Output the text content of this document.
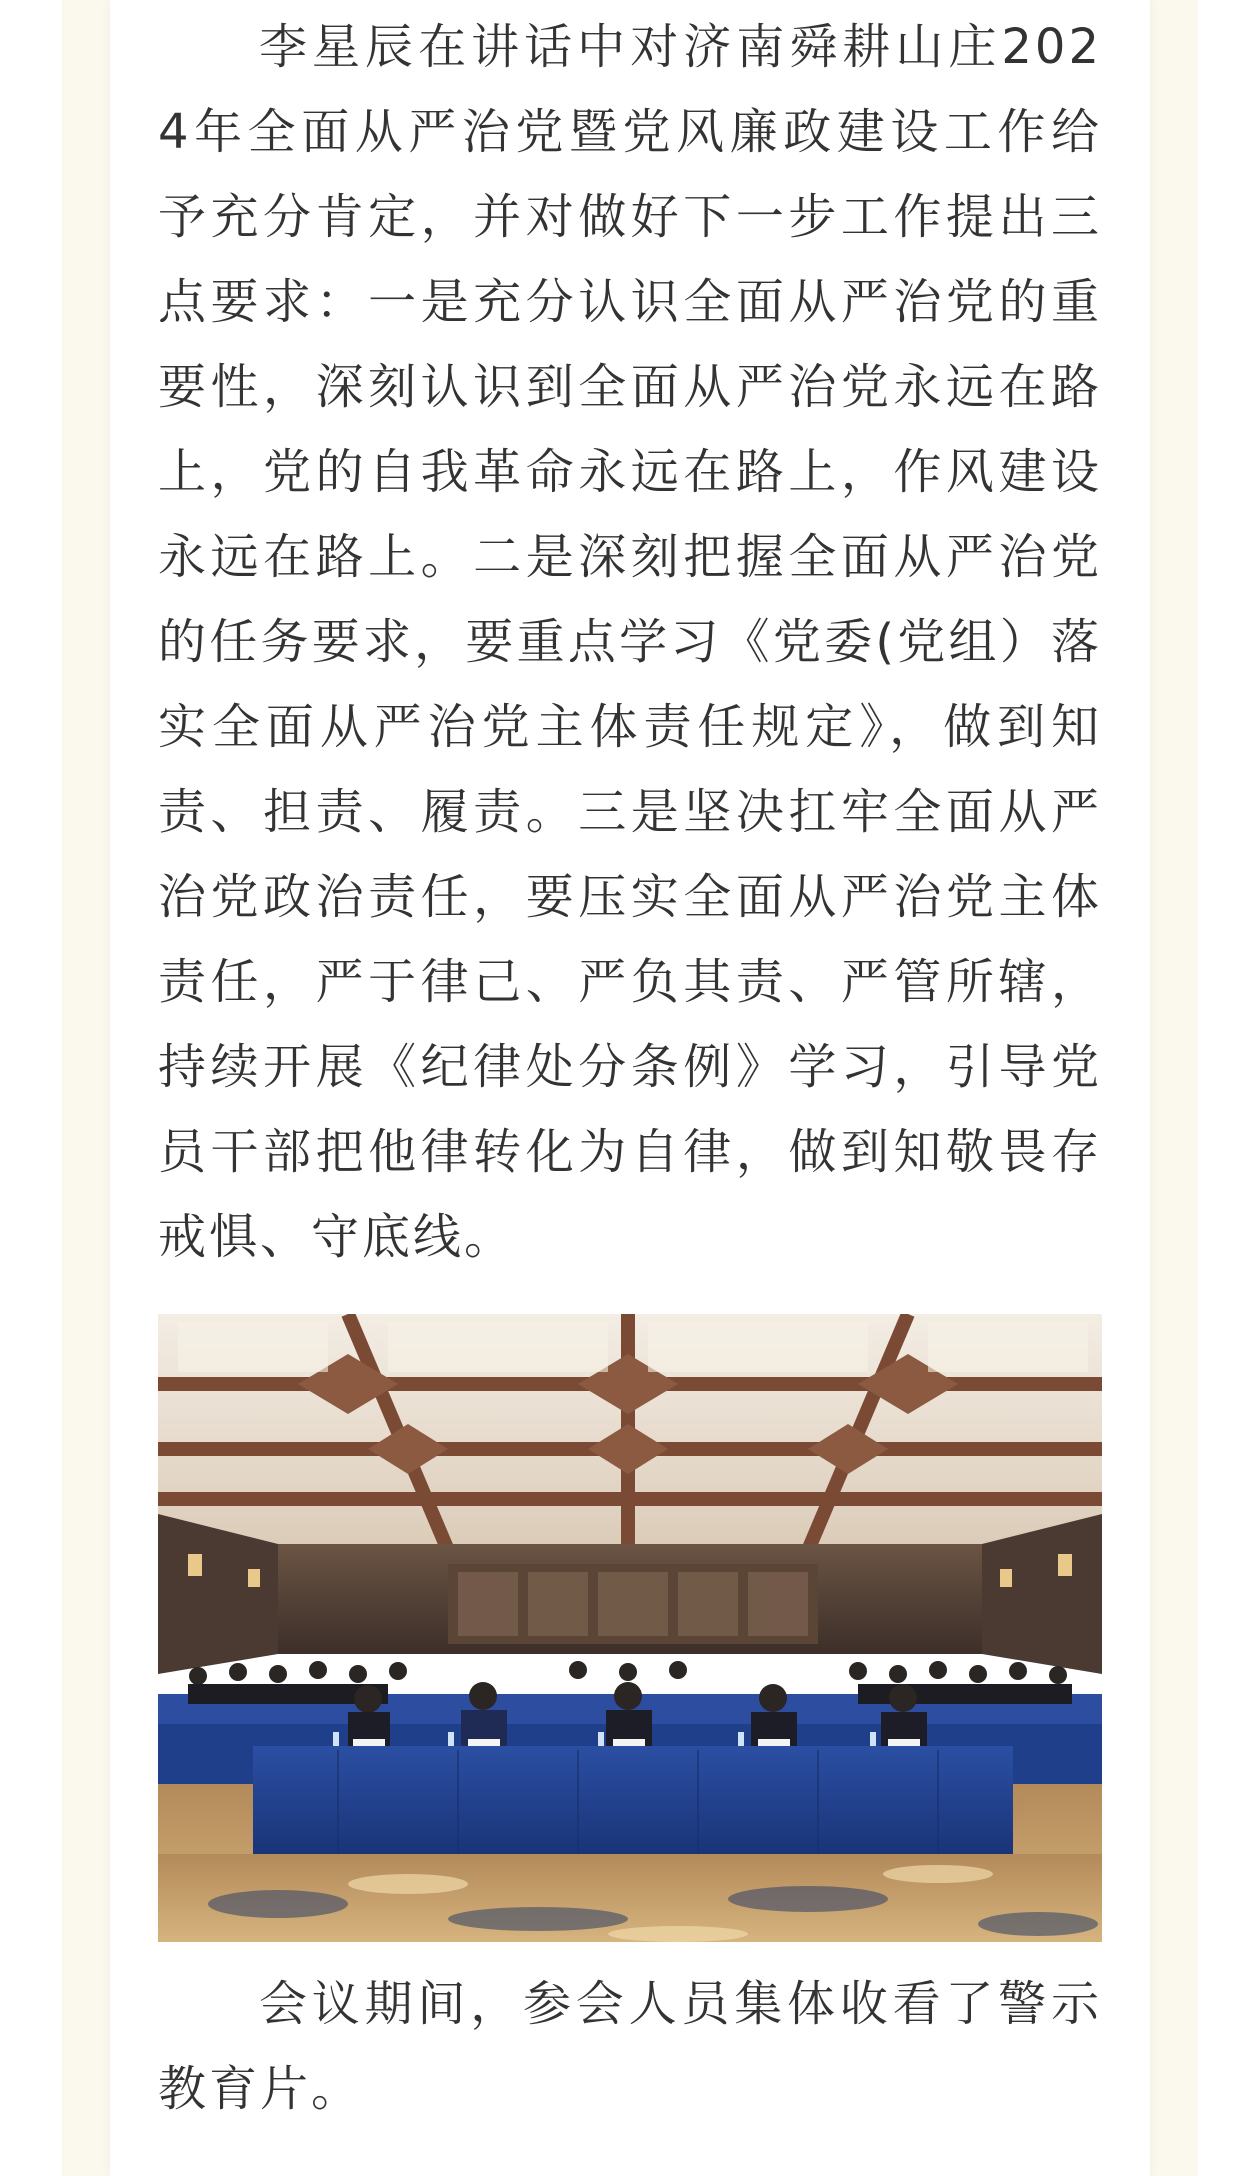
李星辰在讲话中对济南舜耕山庄2024年全面从严治党暨党风廉政建设工作给予充分肯定，并对做好下一步工作提出三点要求：一是充分认识全面从严治党的重要性，深刻认识到全面从严治党永远在路上，党的自我革命永远在路上，作风建设永远在路上。二是深刻把握全面从严治党的任务要求，要重点学习《党委(党组）落实全面从严治党主体责任规定》，做到知责、担责、履责。三是坚决扛牢全面从严治党政治责任，要压实全面从严治党主体责任，严于律己、严负其责、严管所辖，持续开展《纪律处分条例》学习，引导党员干部把他律转化为自律，做到知敬畏存戒惧、守底线。

会议期间，参会人员集体收看了警示教育片。
